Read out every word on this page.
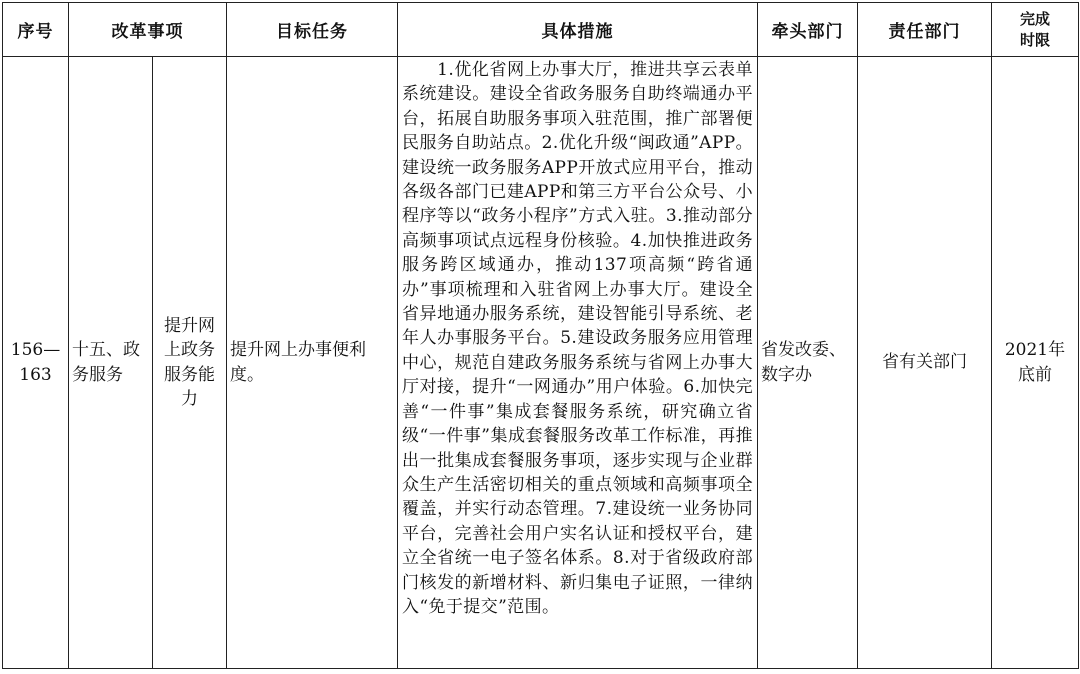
序号	改革事项		目标任务	具体措施	牵头部门	责任部门	完成时限
156—163	十五、政务服务	提升网上政务服务能力	提升网上办事便利度。	　　1.优化省网上办事大厅，推进共享云表单系统建设。建设全省政务服务自助终端通办平台，拓展自助服务事项入驻范围，推广部署便民服务自助站点。2.优化升级“闽政通”APP。建设统一政务服务APP开放式应用平台，推动各级各部门已建APP和第三方平台公众号、小程序等以“政务小程序”方式入驻。3.推动部分高频事项试点远程身份核验。4.加快推进政务服务跨区域通办，推动137项高频“跨省通办”事项梳理和入驻省网上办事大厅。建设全省异地通办服务系统，建设智能引导系统、老年人办事服务平台。5.建设政务服务应用管理中心，规范自建政务服务系统与省网上办事大厅对接，提升“一网通办”用户体验。6.加快完善“一件事”集成套餐服务系统，研究确立省级“一件事”集成套餐服务改革工作标准，再推出一批集成套餐服务事项，逐步实现与企业群众生产生活密切相关的重点领域和高频事项全覆盖，并实行动态管理。7.建设统一业务协同平台，完善社会用户实名认证和授权平台，建立全省统一电子签名体系。8.对于省级政府部门核发的新增材料、新归集电子证照，一律纳入“免于提交”范围。	省发改委、数字办	省有关部门	2021年底前
